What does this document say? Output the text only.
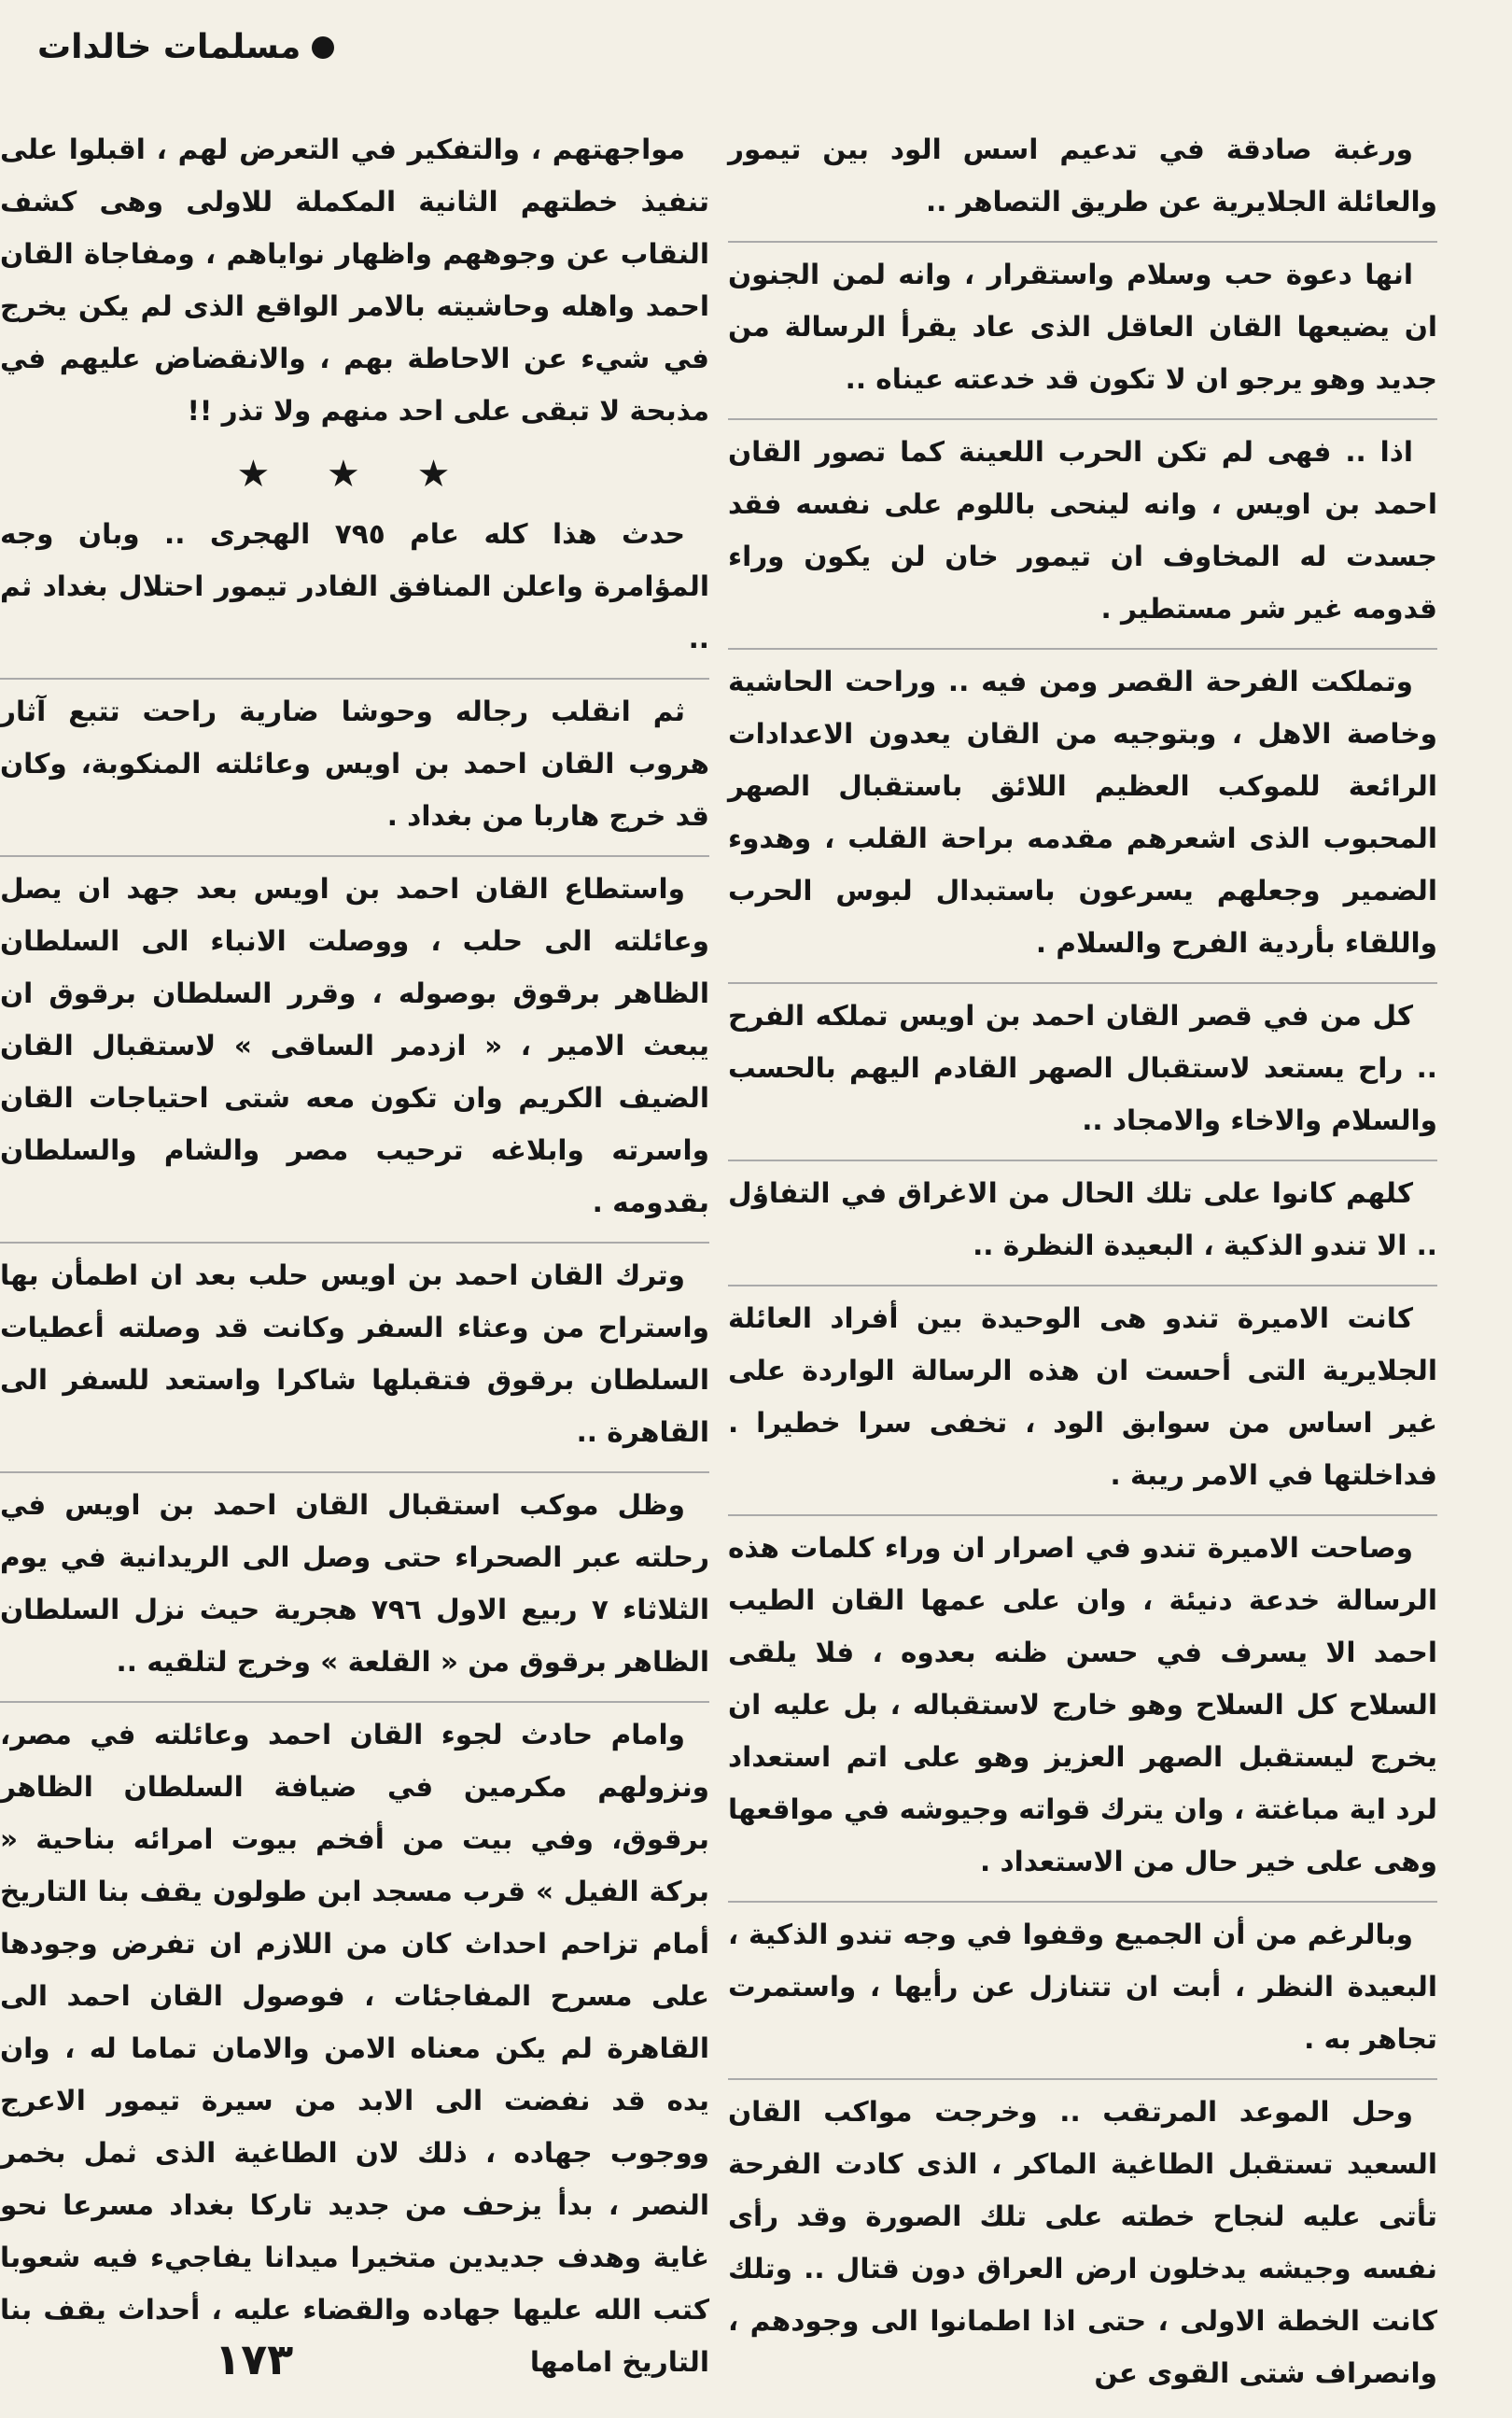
مسلمات خالدات

ورغبة صادقة في تدعيم اسس الود بين تيمور والعائلة الجلايرية عن طريق التصاهر ..

انها دعوة حب وسلام واستقرار ، وانه لمن الجنون ان يضيعها القان العاقل الذى عاد يقرأ الرسالة من جديد وهو يرجو ان لا تكون قد خدعته عيناه ..

اذا .. فهى لم تكن الحرب اللعينة كما تصور القان احمد بن اويس ، وانه لينحى باللوم على نفسه فقد جسدت له المخاوف ان تيمور خان لن يكون وراء قدومه غير شر مستطير .

وتملكت الفرحة القصر ومن فيه .. وراحت الحاشية وخاصة الاهل ، وبتوجيه من القان يعدون الاعدادات الرائعة للموكب العظيم اللائق باستقبال الصهر المحبوب الذى اشعرهم مقدمه براحة القلب ، وهدوء الضمير وجعلهم يسرعون باستبدال لبوس الحرب واللقاء بأردية الفرح والسلام .

كل من في قصر القان احمد بن اويس تملكه الفرح .. راح يستعد لاستقبال الصهر القادم اليهم بالحسب والسلام والاخاء والامجاد ..

كلهم كانوا على تلك الحال من الاغراق في التفاؤل .. الا تندو الذكية ، البعيدة النظرة ..

كانت الامیرة تندو هى الوحيدة بين أفراد العائلة الجلايرية التى أحست ان هذه الرسالة الواردة على غير اساس من سوابق الود ، تخفى سرا خطيرا . فداخلتها في الامر ريبة .

وصاحت الاميرة تندو في اصرار ان وراء كلمات هذه الرسالة خدعة دنيئة ، وان على عمها القان الطيب احمد الا يسرف في حسن ظنه بعدوه ، فلا يلقى السلاح كل السلاح وهو خارج لاستقباله ، بل عليه ان يخرج ليستقبل الصهر العزيز وهو على اتم استعداد لرد اية مباغتة ، وان يترك قواته وجيوشه في مواقعها وهى على خير حال من الاستعداد .

وبالرغم من أن الجميع وقفوا في وجه تندو الذكية ، البعيدة النظر ، أبت ان تتنازل عن رأيها ، واستمرت تجاهر به .

وحل الموعد المرتقب .. وخرجت مواكب القان السعيد تستقبل الطاغية الماكر ، الذى كادت الفرحة تأتى عليه لنجاح خطته على تلك الصورة وقد رأى نفسه وجيشه يدخلون ارض العراق دون قتال .. وتلك كانت الخطة الاولى ، حتى اذا اطمانوا الى وجودهم ، وانصراف شتى القوى عن

مواجهتهم ، والتفكير في التعرض لهم ، اقبلوا على تنفيذ خطتهم الثانية المكملة للاولى وهى كشف النقاب عن وجوههم واظهار نواياهم ، ومفاجاة القان احمد واهله وحاشيته بالامر الواقع الذى لم يكن يخرج في شيء عن الاحاطة بهم ، والانقضاض عليهم في مذبحة لا تبقى على احد منهم ولا تذر !!

★ ★ ★

حدث هذا كله عام ٧٩٥ الهجرى .. وبان وجه المؤامرة واعلن المنافق الفادر تيمور احتلال بغداد ثم ..

ثم انقلب رجاله وحوشا ضارية راحت تتبع آثار هروب القان احمد بن اويس وعائلته المنكوبة، وكان قد خرج هاربا من بغداد .

واستطاع القان احمد بن اويس بعد جهد ان يصل وعائلته الى حلب ، ووصلت الانباء الى السلطان الظاهر برقوق بوصوله ، وقرر السلطان برقوق ان يبعث الامير ، « ازدمر الساقى » لاستقبال القان الضيف الكريم وان تكون معه شتى احتياجات القان واسرته وابلاغه ترحيب مصر والشام والسلطان بقدومه .

وترك القان احمد بن اويس حلب بعد ان اطمأن بها واستراح من وعثاء السفر وكانت قد وصلته أعطيات السلطان برقوق فتقبلها شاكرا واستعد للسفر الى القاهرة ..

وظل موكب استقبال القان احمد بن اويس في رحلته عبر الصحراء حتى وصل الى الريدانية في يوم الثلاثاء ٧ ربيع الاول ٧٩٦ هجرية حيث نزل السلطان الظاهر برقوق من « القلعة » وخرج لتلقيه ..

وامام حادث لجوء القان احمد وعائلته في مصر، ونزولهم مكرمين في ضيافة السلطان الظاهر برقوق، وفي بيت من أفخم بيوت امرائه بناحية « بركة الفيل » قرب مسجد ابن طولون يقف بنا التاريخ أمام تزاحم احداث كان من اللازم ان تفرض وجودها على مسرح المفاجئات ، فوصول القان احمد الى القاهرة لم يكن معناه الامن والامان تماما له ، وان يده قد نفضت الى الابد من سيرة تيمور الاعرج ووجوب جهاده ، ذلك لان الطاغية الذى ثمل بخمر النصر ، بدأ يزحف من جديد تاركا بغداد مسرعا نحو غاية وهدف جديدين متخيرا ميدانا يفاجيء فيه شعوبا كتب الله عليها جهاده والقضاء عليه ، أحداث يقف بنا التاريخ امامها

١٧٣
